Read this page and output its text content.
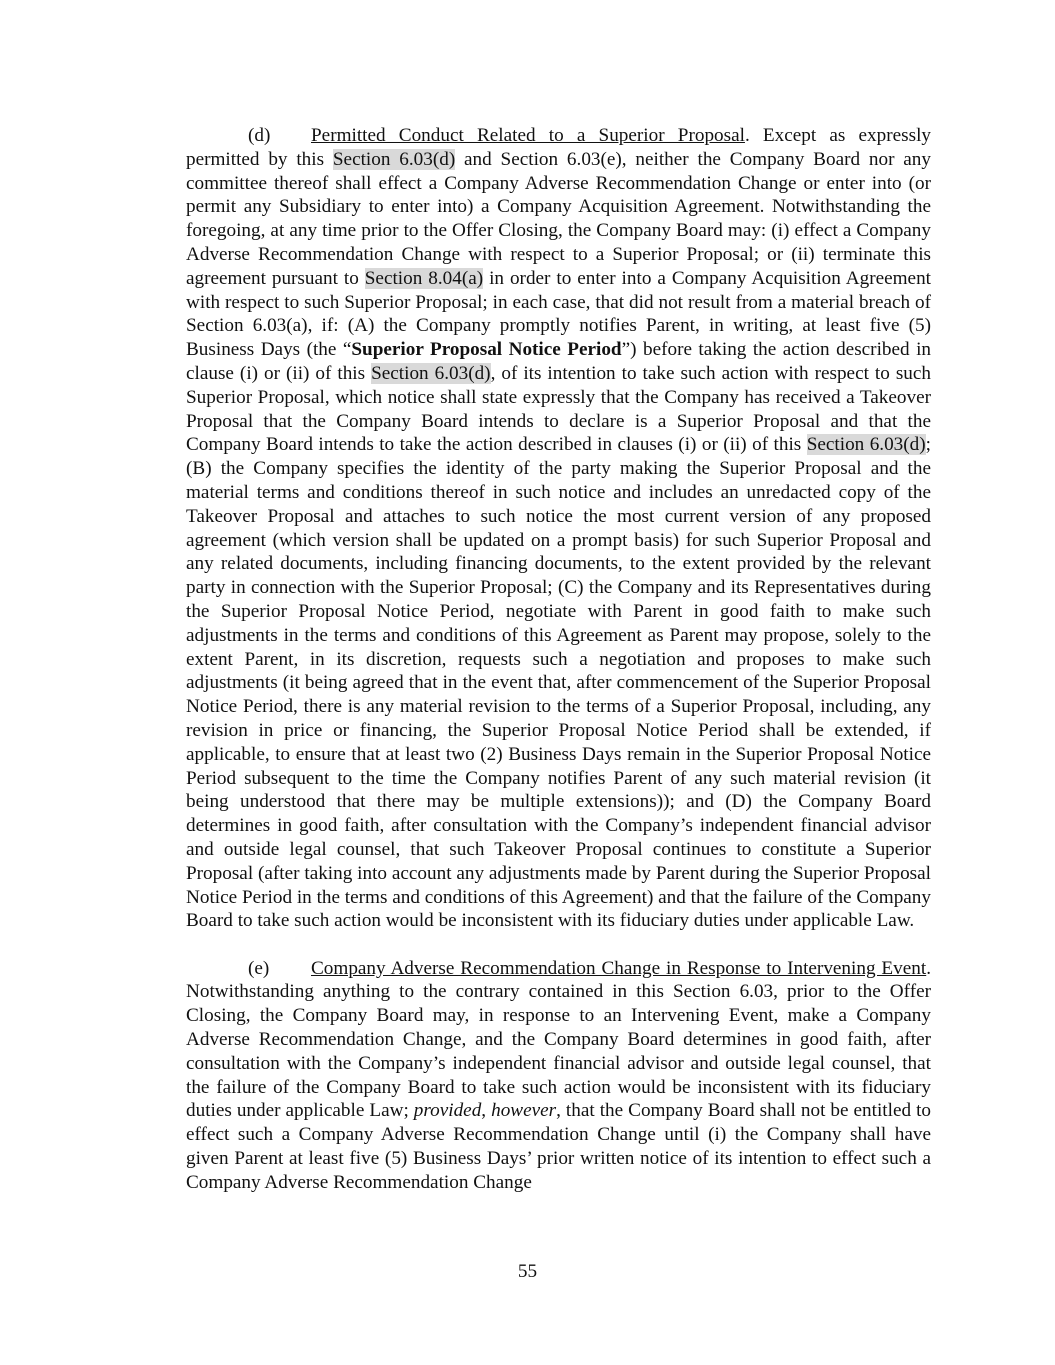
(d) Permitted Conduct Related to a Superior Proposal. Except as expressly permitted by this Section 6.03(d) and Section 6.03(e), neither the Company Board nor any committee thereof shall effect a Company Adverse Recommendation Change or enter into (or permit any Subsidiary to enter into) a Company Acquisition Agreement. Notwithstanding the foregoing, at any time prior to the Offer Closing, the Company Board may: (i) effect a Company Adverse Recommendation Change with respect to a Superior Proposal; or (ii) terminate this agreement pursuant to Section 8.04(a) in order to enter into a Company Acquisition Agreement with respect to such Superior Proposal; in each case, that did not result from a material breach of Section 6.03(a), if: (A) the Company promptly notifies Parent, in writing, at least five (5) Business Days (the “Superior Proposal Notice Period”) before taking the action described in clause (i) or (ii) of this Section 6.03(d), of its intention to take such action with respect to such Superior Proposal, which notice shall state expressly that the Company has received a Takeover Proposal that the Company Board intends to declare is a Superior Proposal and that the Company Board intends to take the action described in clauses (i) or (ii) of this Section 6.03(d); (B) the Company specifies the identity of the party making the Superior Proposal and the material terms and conditions thereof in such notice and includes an unredacted copy of the Takeover Proposal and attaches to such notice the most current version of any proposed agreement (which version shall be updated on a prompt basis) for such Superior Proposal and any related documents, including financing documents, to the extent provided by the relevant party in connection with the Superior Proposal; (C) the Company and its Representatives during the Superior Proposal Notice Period, negotiate with Parent in good faith to make such adjustments in the terms and conditions of this Agreement as Parent may propose, solely to the extent Parent, in its discretion, requests such a negotiation and proposes to make such adjustments (it being agreed that in the event that, after commencement of the Superior Proposal Notice Period, there is any material revision to the terms of a Superior Proposal, including, any revision in price or financing, the Superior Proposal Notice Period shall be extended, if applicable, to ensure that at least two (2) Business Days remain in the Superior Proposal Notice Period subsequent to the time the Company notifies Parent of any such material revision (it being understood that there may be multiple extensions)); and (D) the Company Board determines in good faith, after consultation with the Company’s independent financial advisor and outside legal counsel, that such Takeover Proposal continues to constitute a Superior Proposal (after taking into account any adjustments made by Parent during the Superior Proposal Notice Period in the terms and conditions of this Agreement) and that the failure of the Company Board to take such action would be inconsistent with its fiduciary duties under applicable Law.

(e) Company Adverse Recommendation Change in Response to Intervening Event. Notwithstanding anything to the contrary contained in this Section 6.03, prior to the Offer Closing, the Company Board may, in response to an Intervening Event, make a Company Adverse Recommendation Change, and the Company Board determines in good faith, after consultation with the Company’s independent financial advisor and outside legal counsel, that the failure of the Company Board to take such action would be inconsistent with its fiduciary duties under applicable Law; provided, however, that the Company Board shall not be entitled to effect such a Company Adverse Recommendation Change until (i) the Company shall have given Parent at least five (5) Business Days’ prior written notice of its intention to effect such a Company Adverse Recommendation Change

55
